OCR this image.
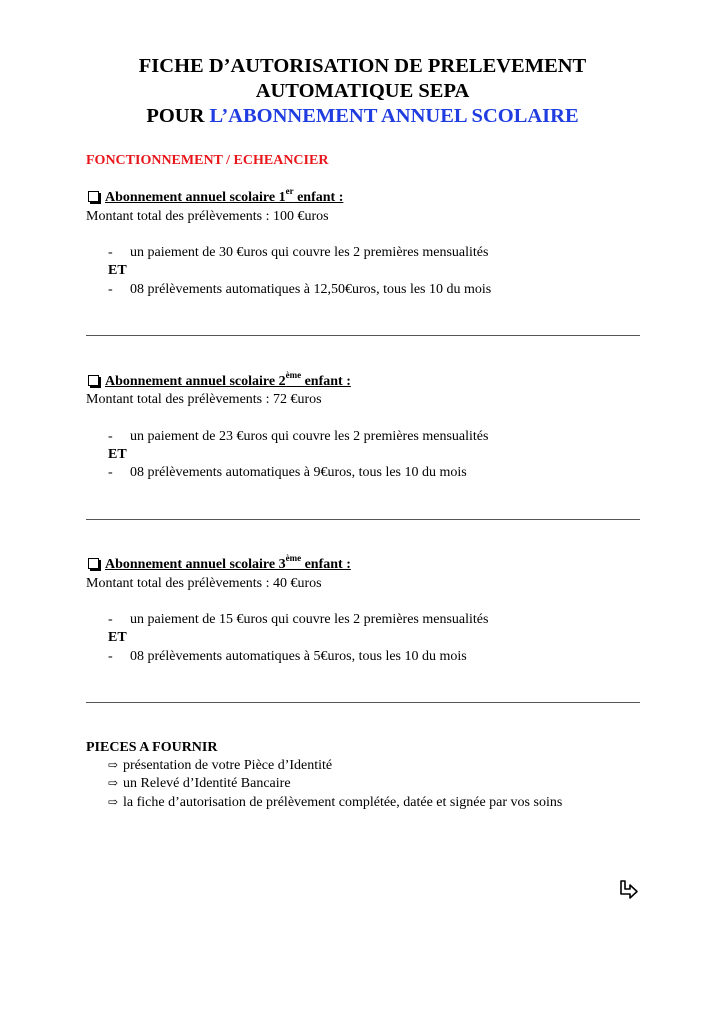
FICHE D’AUTORISATION DE PRELEVEMENT
AUTOMATIQUE SEPA
POUR L’ABONNEMENT ANNUEL SCOLAIRE
FONCTIONNEMENT / ECHEANCIER
Abonnement annuel scolaire 1er enfant :
Montant total des prélèvements : 100 €uros
- un paiement de 30 €uros qui couvre les 2 premières mensualités
ET
- 08 prélèvements automatiques à 12,50€uros, tous les 10 du mois
Abonnement annuel scolaire 2ème enfant :
Montant total des prélèvements : 72 €uros
- un paiement de 23 €uros qui couvre les 2 premières mensualités
ET
- 08 prélèvements automatiques à 9€uros, tous les 10 du mois
Abonnement annuel scolaire 3ème enfant :
Montant total des prélèvements : 40 €uros
- un paiement de 15 €uros qui couvre les 2 premières mensualités
ET
- 08 prélèvements automatiques à 5€uros, tous les 10 du mois
PIECES A FOURNIR
⇨ présentation de votre Pièce d’Identité
⇨ un Relevé d’Identité Bancaire
⇨ la fiche d’autorisation de prélèvement complétée, datée et signée par vos soins
